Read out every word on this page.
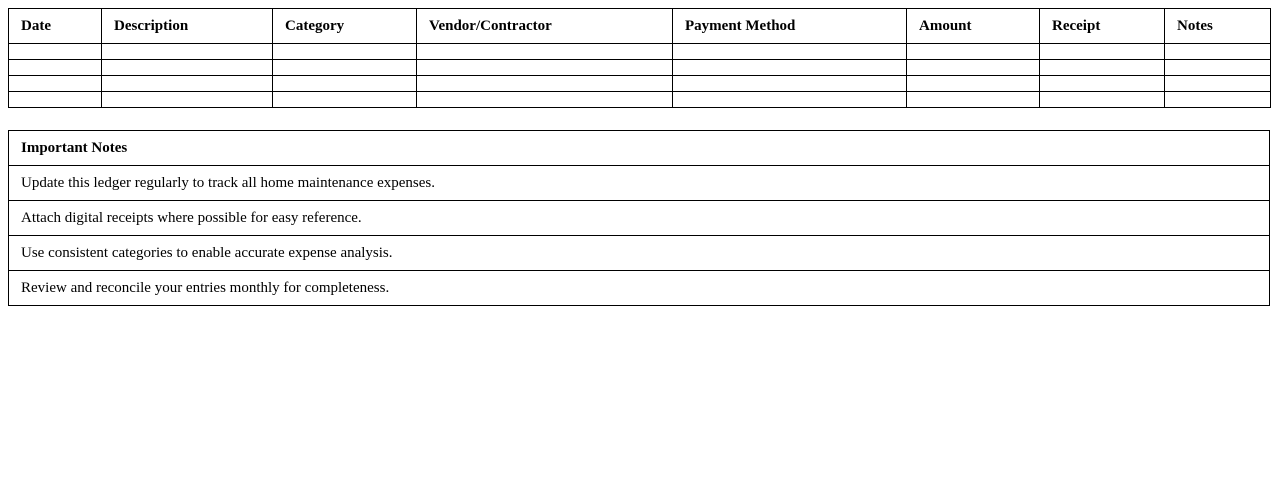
Date	Description	Category	Vendor/Contractor	Payment Method	Amount	Receipt	Notes

Important Notes
Update this ledger regularly to track all home maintenance expenses.
Attach digital receipts where possible for easy reference.
Use consistent categories to enable accurate expense analysis.
Review and reconcile your entries monthly for completeness.
